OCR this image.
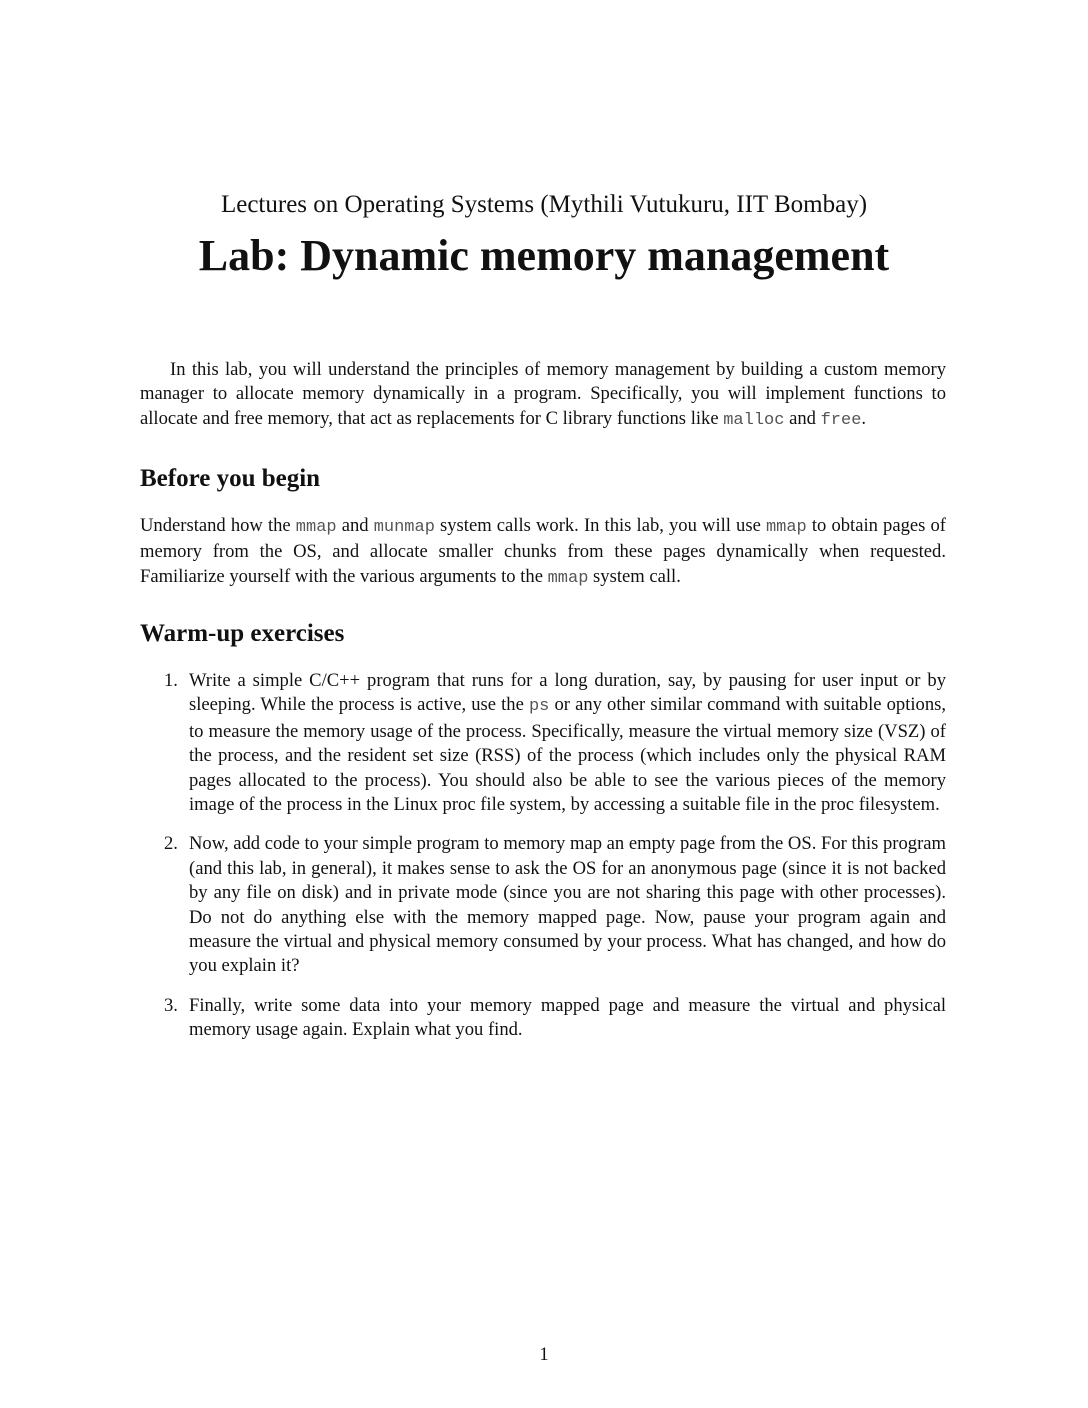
Lectures on Operating Systems (Mythili Vutukuru, IIT Bombay)
Lab: Dynamic memory management

In this lab, you will understand the principles of memory management by building a custom memory manager to allocate memory dynamically in a program. Specifically, you will implement functions to allocate and free memory, that act as replacements for C library functions like malloc and free.

Before you begin

Understand how the mmap and munmap system calls work. In this lab, you will use mmap to obtain pages of memory from the OS, and allocate smaller chunks from these pages dynamically when requested. Familiarize yourself with the various arguments to the mmap system call.

Warm-up exercises
1. Write a simple C/C++ program that runs for a long duration, say, by pausing for user input or by sleeping. While the process is active, use the ps or any other similar command with suitable options, to measure the memory usage of the process. Specifically, measure the virtual memory size (VSZ) of the process, and the resident set size (RSS) of the process (which includes only the physical RAM pages allocated to the process). You should also be able to see the various pieces of the memory image of the process in the Linux proc file system, by accessing a suitable file in the proc filesystem.
2. Now, add code to your simple program to memory map an empty page from the OS. For this program (and this lab, in general), it makes sense to ask the OS for an anonymous page (since it is not backed by any file on disk) and in private mode (since you are not sharing this page with other processes). Do not do anything else with the memory mapped page. Now, pause your program again and measure the virtual and physical memory consumed by your process. What has changed, and how do you explain it?
3. Finally, write some data into your memory mapped page and measure the virtual and physical memory usage again. Explain what you find.
1
